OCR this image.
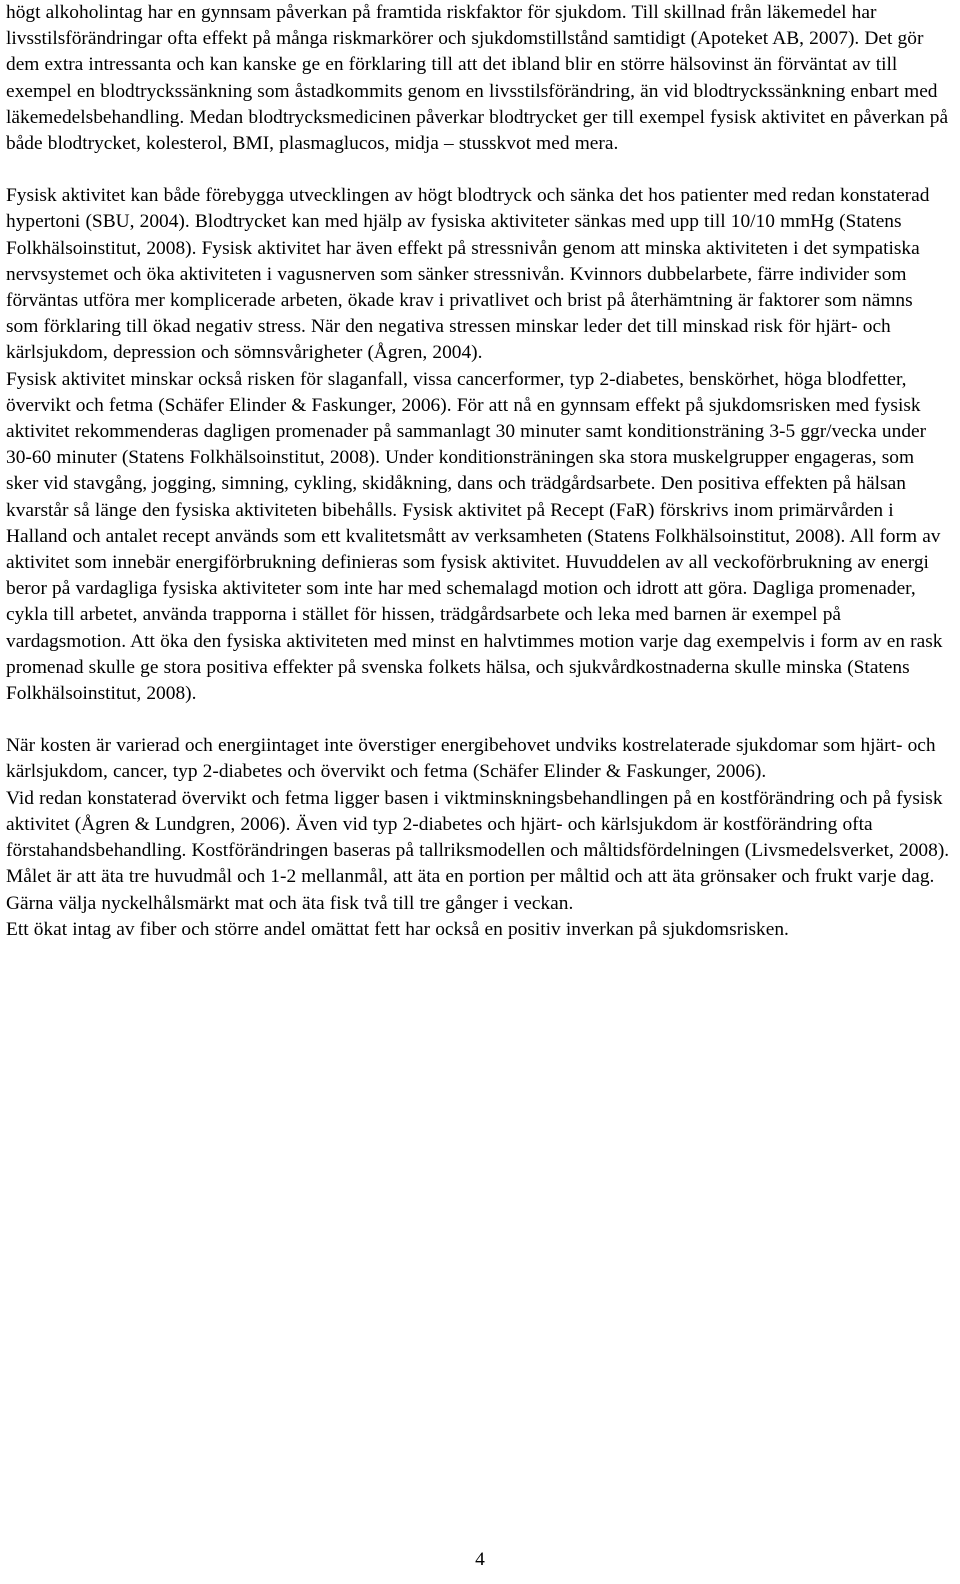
högt alkoholintag har en gynnsam påverkan på framtida riskfaktor för sjukdom. Till skillnad från läkemedel har livsstilsförändringar ofta effekt på många riskmarkörer och sjukdomstillstånd samtidigt (Apoteket AB, 2007). Det gör dem extra intressanta och kan kanske ge en förklaring till att det ibland blir en större hälsovinst än förväntat av till exempel en blodtryckssänkning som åstadkommits genom en livsstilsförändring, än vid blodtryckssänkning enbart med läkemedelsbehandling. Medan blodtrycksmedicinen påverkar blodtrycket ger till exempel fysisk aktivitet en påverkan på både blodtrycket, kolesterol, BMI, plasmaglucos, midja – stusskvot med mera.

Fysisk aktivitet kan både förebygga utvecklingen av högt blodtryck och sänka det hos patienter med redan konstaterad hypertoni (SBU, 2004). Blodtrycket kan med hjälp av fysiska aktiviteter sänkas med upp till 10/10 mmHg (Statens Folkhälsoinstitut, 2008). Fysisk aktivitet har även effekt på stressnivån genom att minska aktiviteten i det sympatiska nervsystemet och öka aktiviteten i vagusnerven som sänker stressnivån. Kvinnors dubbelarbete, färre individer som förväntas utföra mer komplicerade arbeten, ökade krav i privatlivet och brist på återhämtning är faktorer som nämns som förklaring till ökad negativ stress. När den negativa stressen minskar leder det till minskad risk för hjärt- och kärlsjukdom, depression och sömnsvårigheter (Ågren, 2004).

Fysisk aktivitet minskar också risken för slaganfall, vissa cancerformer, typ 2-diabetes, benskörhet, höga blodfetter, övervikt och fetma (Schäfer Elinder & Faskunger, 2006). För att nå en gynnsam effekt på sjukdomsrisken med fysisk aktivitet rekommenderas dagligen promenader på sammanlagt 30 minuter samt konditionsträning 3-5 ggr/vecka under 30-60 minuter (Statens Folkhälsoinstitut, 2008). Under konditionsträningen ska stora muskelgrupper engageras, som sker vid stavgång, jogging, simning, cykling, skidåkning, dans och trädgårdsarbete. Den positiva effekten på hälsan kvarstår så länge den fysiska aktiviteten bibehålls. Fysisk aktivitet på Recept (FaR) förskrivs inom primärvården i Halland och antalet recept används som ett kvalitetsmått av verksamheten (Statens Folkhälsoinstitut, 2008). All form av aktivitet som innebär energiförbrukning definieras som fysisk aktivitet. Huvuddelen av all veckoförbrukning av energi beror på vardagliga fysiska aktiviteter som inte har med schemalagd motion och idrott att göra. Dagliga promenader, cykla till arbetet, använda trapporna i stället för hissen, trädgårdsarbete och leka med barnen är exempel på vardagsmotion. Att öka den fysiska aktiviteten med minst en halvtimmes motion varje dag exempelvis i form av en rask promenad skulle ge stora positiva effekter på svenska folkets hälsa, och sjukvårdkostnaderna skulle minska (Statens Folkhälsoinstitut, 2008).

När kosten är varierad och energiintaget inte överstiger energibehovet undviks kostrelaterade sjukdomar som hjärt- och kärlsjukdom, cancer, typ 2-diabetes och övervikt och fetma (Schäfer Elinder & Faskunger, 2006).

Vid redan konstaterad övervikt och fetma ligger basen i viktminskningsbehandlingen på en kostförändring och på fysisk aktivitet (Ågren & Lundgren, 2006). Även vid typ 2-diabetes och hjärt- och kärlsjukdom är kostförändring ofta förstahandsbehandling. Kostförändringen baseras på tallriksmodellen och måltidsfördelningen (Livsmedelsverket, 2008). Målet är att äta tre huvudmål och 1-2 mellanmål, att äta en portion per måltid och att äta grönsaker och frukt varje dag. Gärna välja nyckelhålsmärkt mat och äta fisk två till tre gånger i veckan.

Ett ökat intag av fiber och större andel omättat fett har också en positiv inverkan på sjukdomsrisken.

4
